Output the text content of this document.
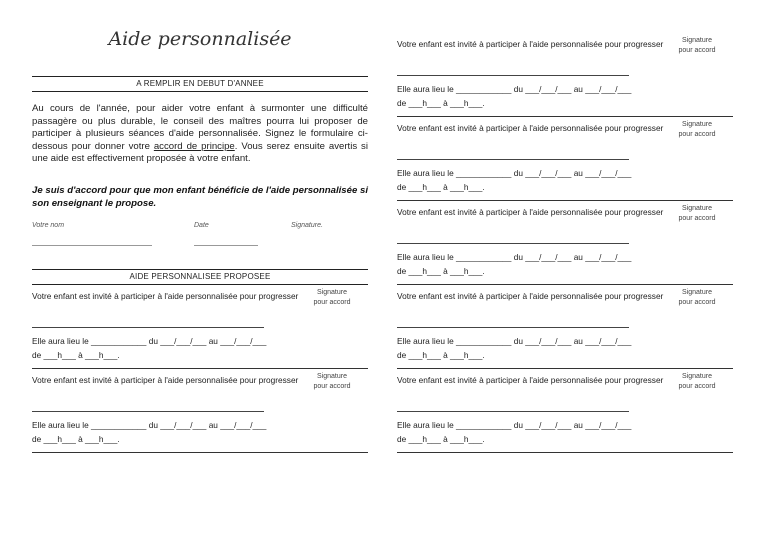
Aide personnalisée
A REMPLIR EN DEBUT D'ANNEE
Au cours de l'année, pour aider votre enfant à surmonter une difficulté passagère ou plus durable, le conseil des maîtres pourra lui proposer de participer à plusieurs séances d'aide personnalisée. Signez le formulaire ci-dessous pour donner votre accord de principe. Vous serez ensuite avertis si une aide est effectivement proposée à votre enfant.
Je suis d'accord pour que mon enfant bénéficie de l'aide personnalisée si son enseignant le propose.
Votre nom	Date	Signature.
AIDE PERSONNALISEE PROPOSEE
Votre enfant est invité à participer à l'aide personnalisée pour progresser	Signature
pour accord
Elle aura lieu le ____________ du ___/___/___ au ___/___/___
de ___h___ à ___h___.
Votre enfant est invité à participer à l'aide personnalisée pour progresser	Signature
pour accord
Elle aura lieu le ____________ du ___/___/___ au ___/___/___
de ___h___ à ___h___.
Votre enfant est invité à participer à l'aide personnalisée pour progresser	Signature
pour accord
Elle aura lieu le ____________ du ___/___/___ au ___/___/___
de ___h___ à ___h___.
Votre enfant est invité à participer à l'aide personnalisée pour progresser	Signature
pour accord
Elle aura lieu le ____________ du ___/___/___ au ___/___/___
de ___h___ à ___h___.
Votre enfant est invité à participer à l'aide personnalisée pour progresser	Signature
pour accord
Elle aura lieu le ____________ du ___/___/___ au ___/___/___
de ___h___ à ___h___.
Votre enfant est invité à participer à l'aide personnalisée pour progresser	Signature
pour accord
Elle aura lieu le ____________ du ___/___/___ au ___/___/___
de ___h___ à ___h___.
Votre enfant est invité à participer à l'aide personnalisée pour progresser	Signature
pour accord
Elle aura lieu le ____________ du ___/___/___ au ___/___/___
de ___h___ à ___h___.
